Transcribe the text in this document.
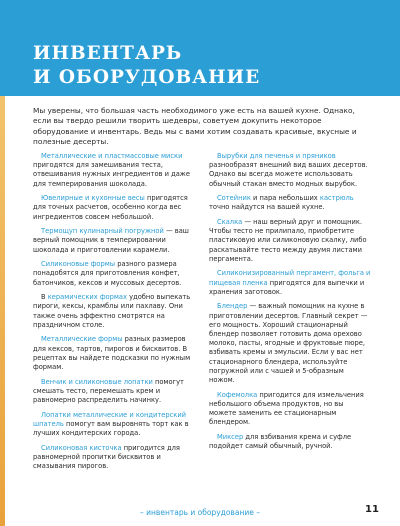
ИНВЕНТАРЬ
И ОБОРУДОВАНИЕ

Мы уверены, что большая часть необходимого уже есть на вашей кухне. Однако, если вы твердо решили творить шедевры, советуем докупить некоторое оборудование и инвентарь. Ведь мы с вами хотим создавать красивые, вкусные и полезные десерты.

Металлические и пластмассовые миски пригодятся для замешивания теста, отвешивания нужных ингредиентов и даже для темперирования шоколада.

Ювелирные и кухонные весы пригодятся для точных расчетов, особенно когда вес ингредиентов совсем небольшой.

Термощуп кулинарный погружной — ваш верный помощник в темперировании шоколада и приготовлении карамели.

Силиконовые формы разного размера понадобятся для приготовления конфет, батончиков, кексов и муссовых десертов.

В керамических формах удобно выпекать пироги, кексы, крамблы или пахлаву. Они также очень эффектно смотрятся на праздничном столе.

Металлические формы разных размеров для кексов, тартов, пирогов и бисквитов. В рецептах вы найдете подсказки по нужным формам.

Венчик и силиконовые лопатки помогут смешать тесто, перемешать крем и равномерно распределить начинку.

Лопатки металлические и кондитерский шпатель помогут вам выровнять торт как в лучших кондитерских города.

Силиконовая кисточка пригодится для равномерной пропитки бисквитов и смазывания пирогов.

Вырубки для печенья и пряников разнообразят внешний вид ваших десертов. Однако вы всегда можете использовать обычный стакан вместо модных вырубок.

Сотейник и пара небольших кастрюль точно найдутся на вашей кухне.

Скалка — наш верный друг и помощник. Чтобы тесто не прилипало, приобретите пластиковую или силиконовую скалку, либо раскатывайте тесто между двумя листами пергамента.

Силиконизированный пергамент, фольга и пищевая пленка пригодятся для выпечки и хранения заготовок.

Блендер — важный помощник на кухне в приготовлении десертов. Главный секрет — его мощность. Хороший стационарный блендер позволяет готовить дома орехово молоко, пасты, ягодные и фруктовые пюре, взбивать кремы и эмульсии. Если у вас нет стационарного блендера, используйте погружной или с чашей и 5-образным ножом.

Кофемолка пригодится для измельчения небольшого объема продуктов, но вы можете заменить ее стационарным блендером.

Миксер для взбивания крема и суфле подойдет самый обычный, ручной.

– инвентарь и оборудование –	11
